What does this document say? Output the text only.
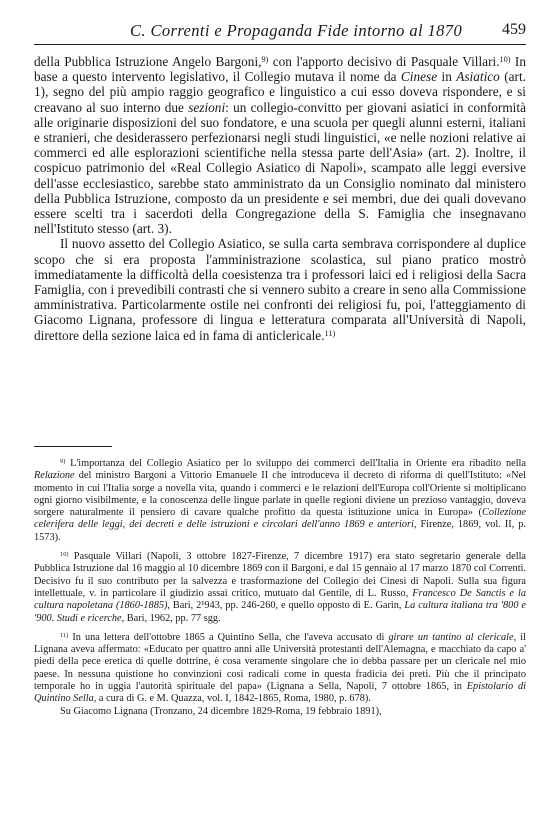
C. Correnti e Propaganda Fide intorno al 1870 459

della Pubblica Istruzione Angelo Bargoni,$^{9)}$ con l'apporto decisivo di Pasquale Villari.$^{10)}$ In base a questo intervento legislativo, il Collegio mutava il nome da Cinese in Asiatico (art. 1), segno del più ampio raggio geografico e linguistico a cui esso doveva rispondere, e si creavano al suo interno due sezioni: un collegio-convitto per giovani asiatici in conformità alle originarie disposizioni del suo fondatore, e una scuola per quegli alunni esterni, italiani e stranieri, che desiderassero perfezionarsi negli studi linguistici, «e nelle nozioni relative ai commerci ed alle esplorazioni scientifiche nella stessa parte dell'Asia» (art. 2). Inoltre, il cospicuo patrimonio del «Real Collegio Asiatico di Napoli», scampato alle leggi eversive dell'asse ecclesiastico, sarebbe stato amministrato da un Consiglio nominato dal ministero della Pubblica Istruzione, composto da un presidente e sei membri, due dei quali dovevano essere scelti tra i sacerdoti della Congregazione della S. Famiglia che insegnavano nell'Istituto stesso (art. 3).

Il nuovo assetto del Collegio Asiatico, se sulla carta sembrava corrispondere al duplice scopo che si era proposta l'amministrazione scolastica, sul piano pratico mostrò immediatamente la difficoltà della coesistenza tra i professori laici ed i religiosi della Sacra Famiglia, con i prevedibili contrasti che si vennero subito a creare in seno alla Commissione amministrativa. Particolarmente ostile nei confronti dei religiosi fu, poi, l'atteggiamento di Giacomo Lignana, professore di lingua e letteratura comparata all'Università di Napoli, direttore della sezione laica ed in fama di anticlericale.$^{11)}$

$^{9)}$ L'importanza del Collegio Asiatico per lo sviluppo dei commerci dell'Italia in Oriente era ribadito nella Relazione del ministro Bargoni a Vittorio Emanuele II che introduceva il decreto di riforma di quell'Istituto: «Nel momento in cui l'Italia sorge a novella vita, quando i commerci e le relazioni dell'Europa coll'Oriente si moltiplicano ogni giorno visibilmente, e la conoscenza delle lingue parlate in quelle regioni diviene un prezioso vantaggio, doveva sorgere naturalmente il pensiero di cavare qualche profitto da questa istituzione unica in Europa» (Collezione celerifera delle leggi, dei decreti e delle istruzioni e circolari dell'anno 1869 e anteriori, Firenze, 1869, vol. II, p. 1573).

$^{10)}$ Pasquale Villari (Napoli, 3 ottobre 1827-Firenze, 7 dicembre 1917) era stato segretario generale della Pubblica Istruzione dal 16 maggio al 10 dicembre 1869 con il Bargoni, e dal 15 gennaio al 17 marzo 1870 col Correnti. Decisivo fu il suo contributo per la salvezza e trasformazione del Collegio dei Cinesi di Napoli. Sulla sua figura intellettuale, v. in particolare il giudizio assai critico, mutuato dal Gentile, di L. Russo, Francesco De Sanctis e la cultura napoletana (1860-1885), Bari, 2¹943, pp. 246-260, e quello opposto di E. Garin, La cultura italiana tra '800 e '900. Studi e ricerche, Bari, 1962, pp. 77 sgg.

$^{11)}$ In una lettera dell'ottobre 1865 a Quintino Sella, che l'aveva accusato di girare un tantino al clericale, il Lignana aveva affermato: «Educato per quattro anni alle Università protestanti dell'Alemagna, e macchiato da capo a' piedi della pece eretica di quelle dottrine, è cosa veramente singolare che io debba passare per un clericale nel mio paese. In nessuna quistione ho convinzioni così radicali come in questa fradicia dei preti. Più che il principato temporale ho in uggia l'autorità spirituale del papa» (Lignana a Sella, Napoli, 7 ottobre 1865, in Epistolario di Quintino Sella, a cura di G. e M. Quazza, vol. I, 1842-1865, Roma, 1980, p. 678).

Su Giacomo Lignana (Tronzano, 24 dicembre 1829-Roma, 19 febbraio 1891),
